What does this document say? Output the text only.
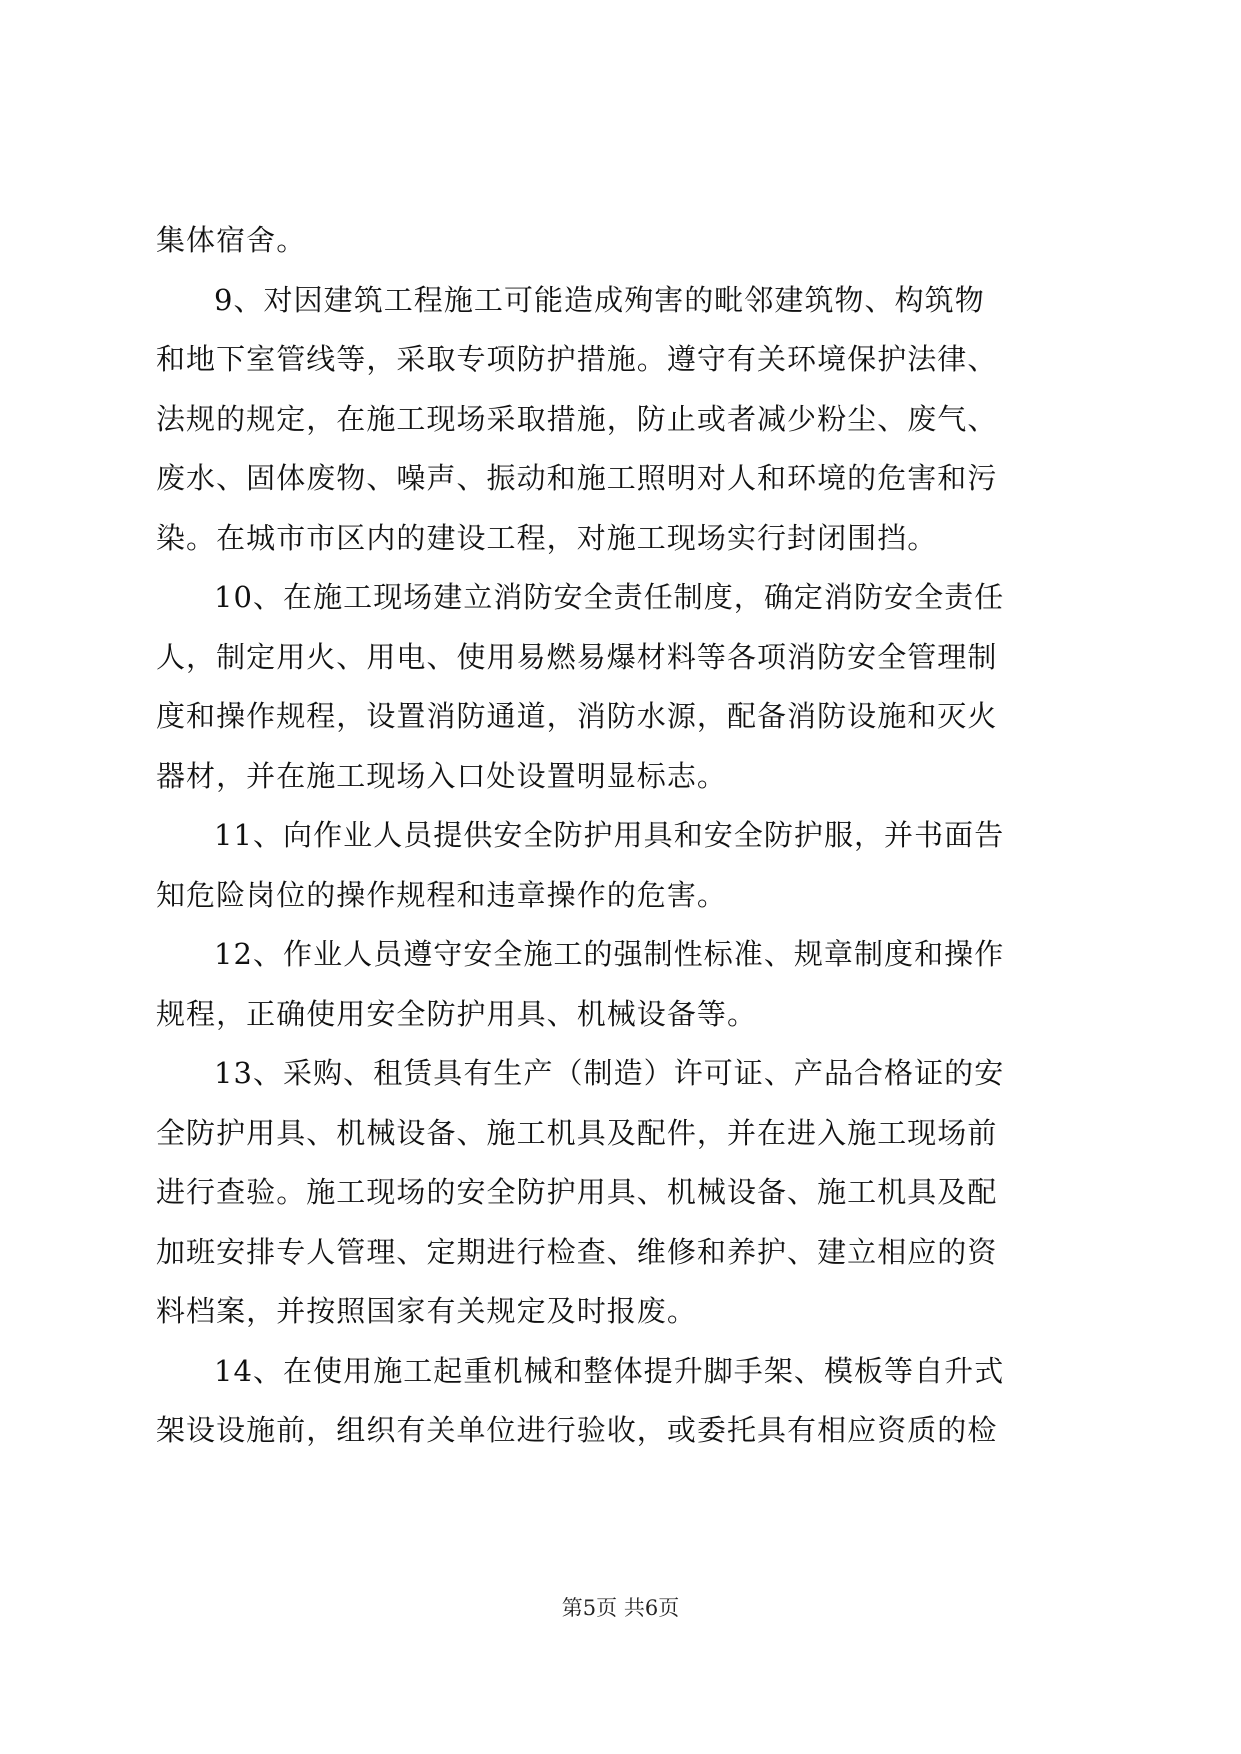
集体宿舍。
9、对因建筑工程施工可能造成殉害的毗邻建筑物、构筑物
和地下室管线等，采取专项防护措施。遵守有关环境保护法律、
法规的规定，在施工现场采取措施，防止或者减少粉尘、废气、
废水、固体废物、噪声、振动和施工照明对人和环境的危害和污
染。在城市市区内的建设工程，对施工现场实行封闭围挡。
10、在施工现场建立消防安全责任制度，确定消防安全责任
人，制定用火、用电、使用易燃易爆材料等各项消防安全管理制
度和操作规程，设置消防通道，消防水源，配备消防设施和灭火
器材，并在施工现场入口处设置明显标志。
11、向作业人员提供安全防护用具和安全防护服，并书面告
知危险岗位的操作规程和违章操作的危害。
12、作业人员遵守安全施工的强制性标准、规章制度和操作
规程，正确使用安全防护用具、机械设备等。
13、采购、租赁具有生产（制造）许可证、产品合格证的安
全防护用具、机械设备、施工机具及配件，并在进入施工现场前
进行查验。施工现场的安全防护用具、机械设备、施工机具及配
加班安排专人管理、定期进行检查、维修和养护、建立相应的资
料档案，并按照国家有关规定及时报废。
14、在使用施工起重机械和整体提升脚手架、模板等自升式
架设设施前，组织有关单位进行验收，或委托具有相应资质的检
第5页 共6页
